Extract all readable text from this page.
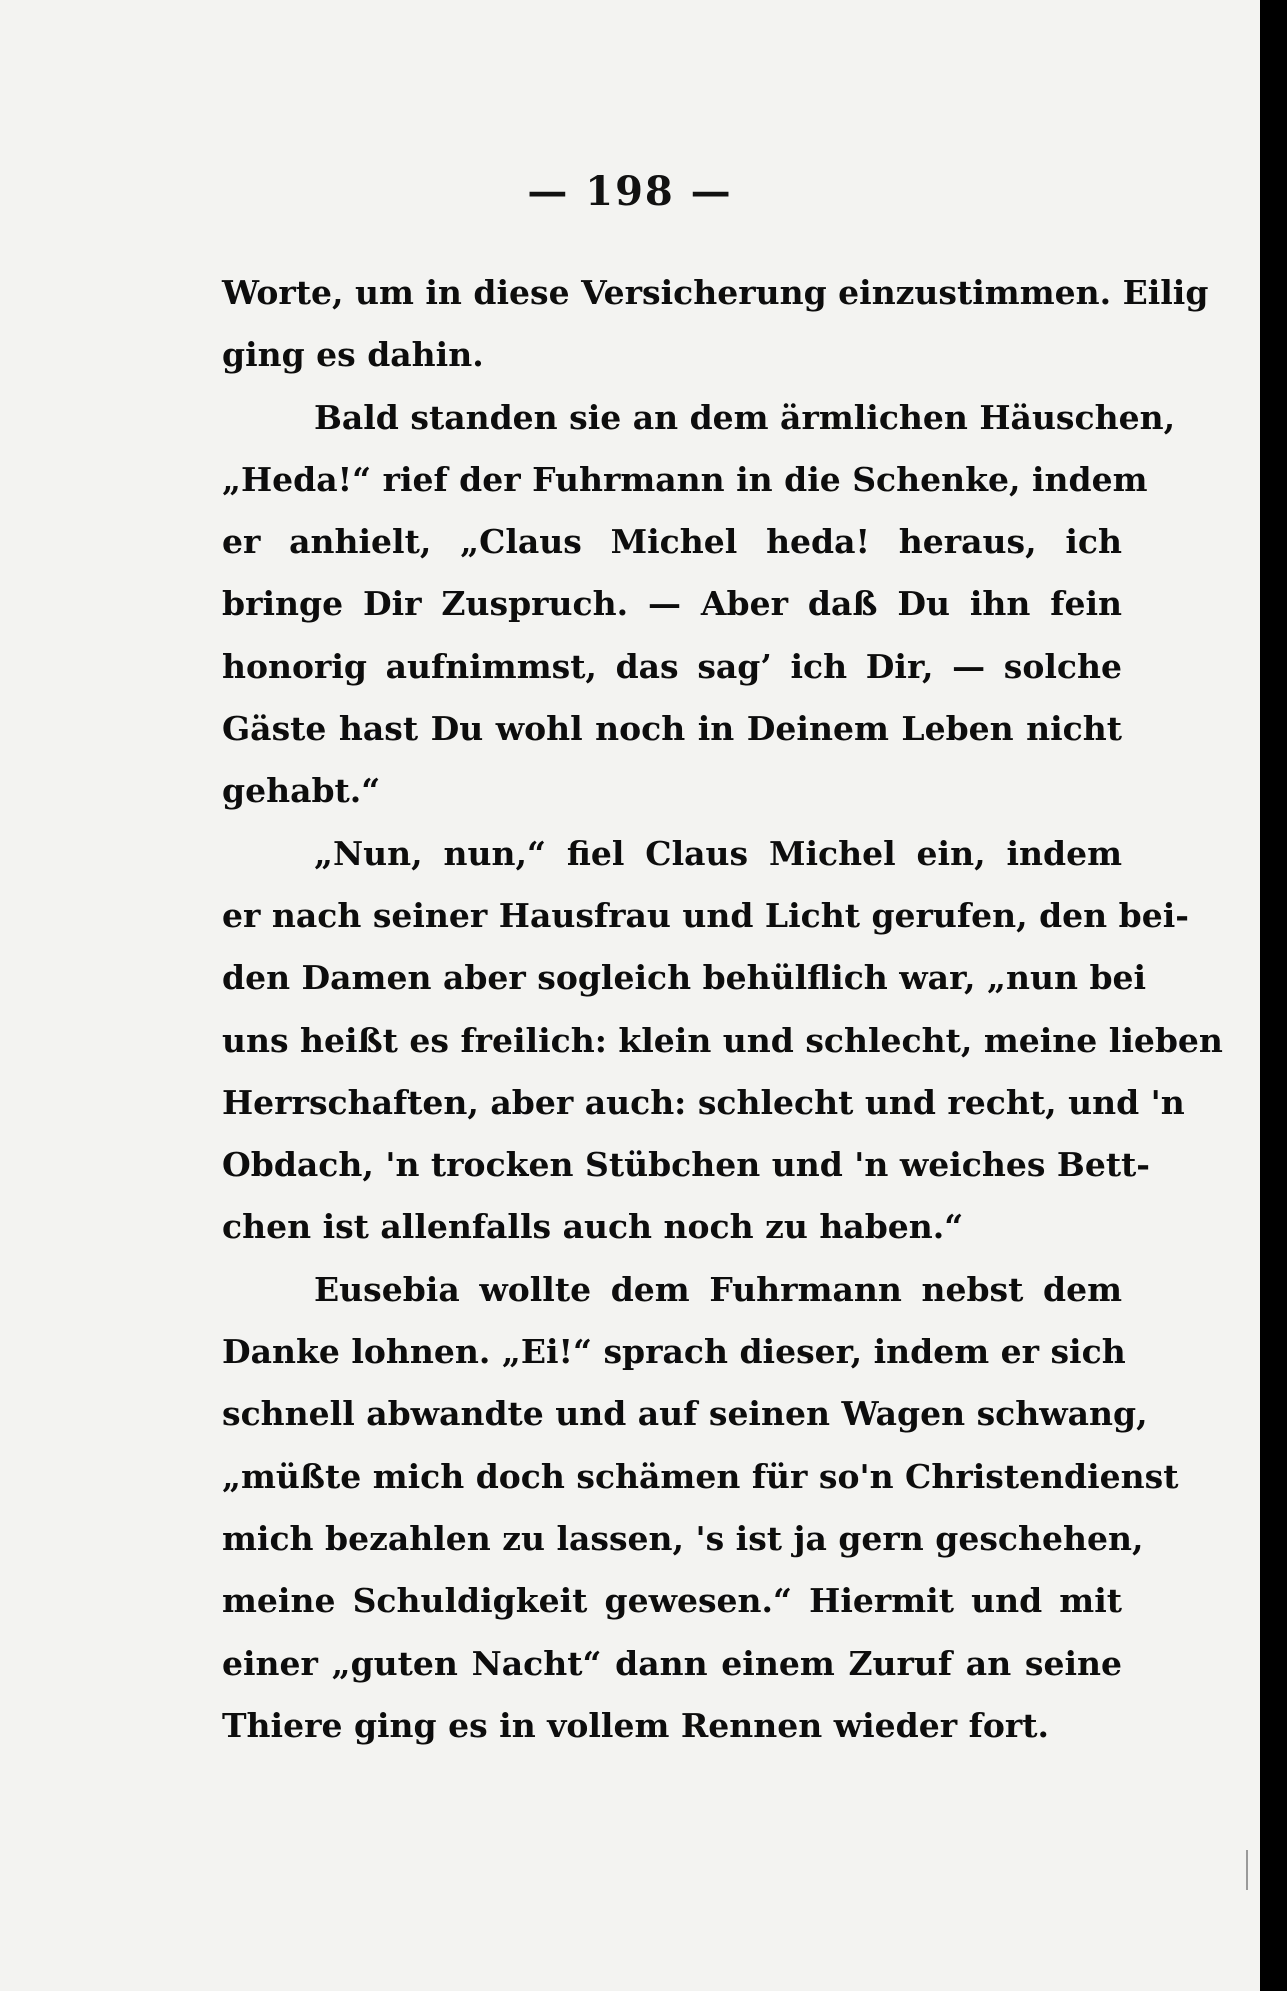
— 198 —
Worte, um in diese Versicherung einzustimmen. Eilig
ging es dahin.
Bald standen sie an dem ärmlichen Häuschen,
„Heda!“ rief der Fuhrmann in die Schenke, indem
er anhielt, „Claus Michel heda! heraus, ich
bringe Dir Zuspruch. — Aber daß Du ihn fein
honorig aufnimmst, das sag’ ich Dir, — solche
Gäste hast Du wohl noch in Deinem Leben nicht
gehabt.“
„Nun, nun,“ fiel Claus Michel ein, indem
er nach seiner Hausfrau und Licht gerufen, den bei-
den Damen aber sogleich behülflich war, „nun bei
uns heißt es freilich: klein und schlecht, meine lieben
Herrschaften, aber auch: schlecht und recht, und 'n
Obdach, 'n trocken Stübchen und 'n weiches Bett-
chen ist allenfalls auch noch zu haben.“
Eusebia wollte dem Fuhrmann nebst dem
Danke lohnen. „Ei!“ sprach dieser, indem er sich
schnell abwandte und auf seinen Wagen schwang,
„müßte mich doch schämen für so'n Christendienst
mich bezahlen zu lassen, 's ist ja gern geschehen,
meine Schuldigkeit gewesen.“ Hiermit und mit
einer „guten Nacht“ dann einem Zuruf an seine
Thiere ging es in vollem Rennen wieder fort.
